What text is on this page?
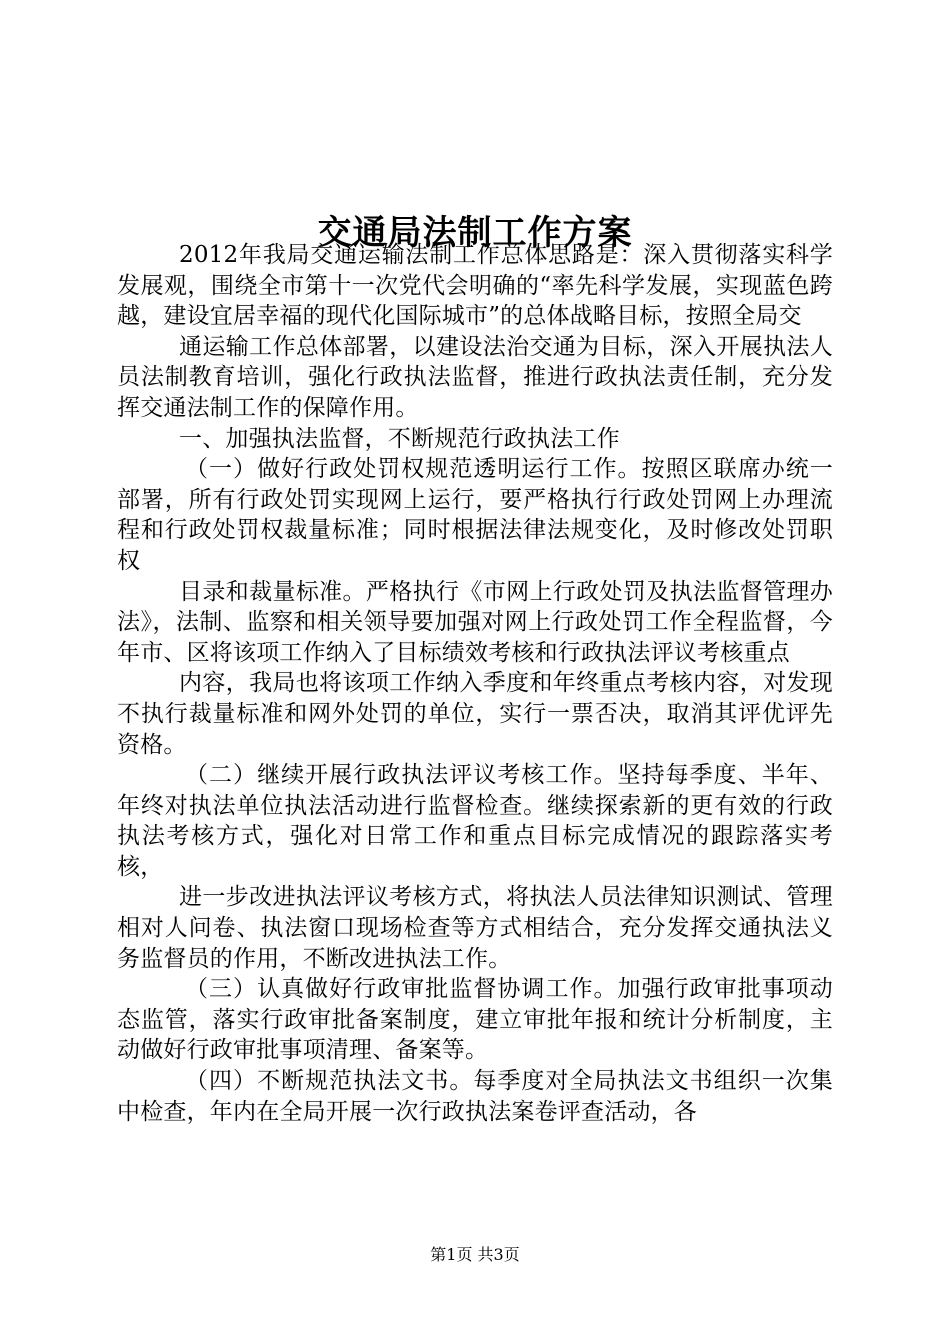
交通局法制工作方案

2012年我局交通运输法制工作总体思路是：深入贯彻落实科学发展观，围绕全市第十一次党代会明确的“率先科学发展，实现蓝色跨越，建设宜居幸福的现代化国际城市”的总体战略目标，按照全局交

通运输工作总体部署，以建设法治交通为目标，深入开展执法人员法制教育培训，强化行政执法监督，推进行政执法责任制，充分发挥交通法制工作的保障作用。

一、加强执法监督，不断规范行政执法工作

（一）做好行政处罚权规范透明运行工作。按照区联席办统一部署，所有行政处罚实现网上运行，要严格执行行政处罚网上办理流程和行政处罚权裁量标准；同时根据法律法规变化，及时修改处罚职权

目录和裁量标准。严格执行《市网上行政处罚及执法监督管理办法》，法制、监察和相关领导要加强对网上行政处罚工作全程监督，今年市、区将该项工作纳入了目标绩效考核和行政执法评议考核重点

内容，我局也将该项工作纳入季度和年终重点考核内容，对发现不执行裁量标准和网外处罚的单位，实行一票否决，取消其评优评先资格。

（二）继续开展行政执法评议考核工作。坚持每季度、半年、年终对执法单位执法活动进行监督检查。继续探索新的更有效的行政执法考核方式，强化对日常工作和重点目标完成情况的跟踪落实考核，

进一步改进执法评议考核方式，将执法人员法律知识测试、管理相对人问卷、执法窗口现场检查等方式相结合，充分发挥交通执法义务监督员的作用，不断改进执法工作。

（三）认真做好行政审批监督协调工作。加强行政审批事项动态监管，落实行政审批备案制度，建立审批年报和统计分析制度，主动做好行政审批事项清理、备案等。

（四）不断规范执法文书。每季度对全局执法文书组织一次集中检查，年内在全局开展一次行政执法案卷评查活动，各

第1页 共3页
